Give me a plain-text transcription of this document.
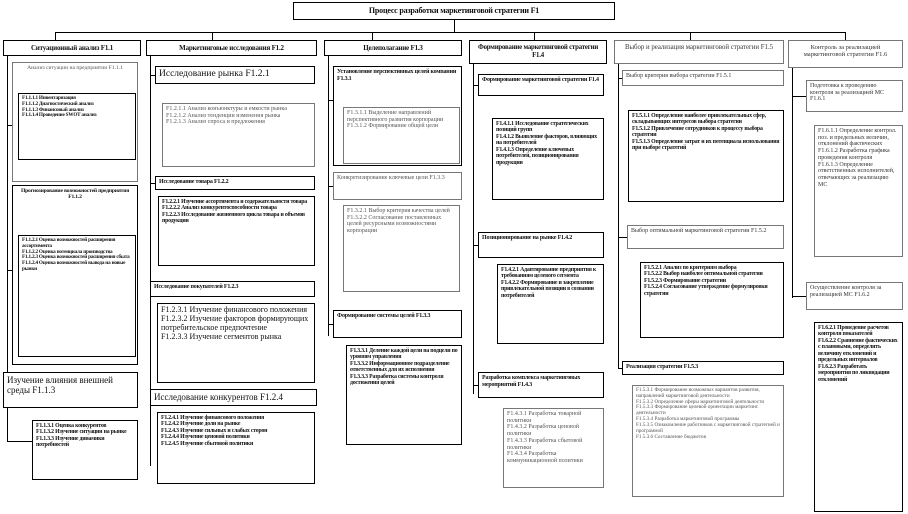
Процесс разработки маркетинговой стратегии F1
Ситуационный анализ F1.1
Анализ ситуации на предприятии F1.1.1
F1.1.1.1 Инвентаризация
F1.1.1.2 Диагностический анализ
F1.1.1.3 Финансовый анализ
F1.1.1.4 Проведение SWOT анализ
Прогнозирование возможностей предприятия F1.1.2
F1.1.2.1 Оценка возможностей расширения ассортимента
F1.1.2.2 Оценка потенциала производства
F1.1.2.3 Оценка возможностей расширения сбыта
F1.1.2.4 Оценка возможностей вывода на новые рынки
Изучение влияния внешней среды F1.1.3
F1.1.3.1 Оценка конкурентов
F1.1.3.2 Изучение ситуации на рынке
F1.1.3.3 Изучение динамики потребностей
Маркетинговые исследования F1.2
Исследование рынка F1.2.1
F1.2.1.1 Анализ конъюнктуры и емкости рынка
F1.2.1.2 Анализ тенденции изменения рынка
F1.2.1.3 Анализ спроса и предложения
Исследование товара F1.2.2
F1.2.2.1 Изучение ассортимента и содержательности товара
F1.2.2.2 Анализ конкурентоспособности товара
F1.2.2.3 Исследование жизненного цикла товара и объемов продукции
Исследование покупателей F1.2.3
F1.2.3.1 Изучение финансового положения
F1.2.3.2 Изучение факторов формирующих потребительское предпочтение
F1.2.3.3 Изучение сегментов рынка
Исследование конкурентов F1.2.4
F1.2.4.1 Изучение финансового положения
F1.2.4.2 Изучение доли на рынке
F1.2.4.3 Изучение сильных и слабых сторон
F1.2.4.4 Изучение ценовой политики
F1.2.4.5 Изучение сбытовой политики
Целеполагание F1.3
Установление перспективных целей компании F1.3.1
F1.3.1.1 Выделение направлений перспективного развития корпорации
F1.3.1.2 Формирование общей цели
Конкретизирование ключевые цели F1.3.3
F1.3.2.1 Выбор критерия качества целей
F1.3.2.2 Согласование поставленных целей ресурсными возможностями корпорации
Формирование системы целей F1.3.3
F1.3.3.1 Деление каждой цели на подцели по уровням управления
F1.3.3.2 Информационное подразделение ответственных для их исполнения
F1.3.3.3 Разработка системы контроля достижения целей
Формирование маркетинговой стратегии F1.4
Формирование маркетинговой стратегии F1.4
F1.4.1.1 Исследование стратегических позиций групп
F1.4.1.2 Выявление факторов, влияющих на потребителей
F1.4.1.3 Определение ключевых потребителей, позиционирования продукции
Позиционирование на рынке F1.4.2
F1.4.2.1 Адаптирование предприятия к требованиям целевого сегмента
F1.4.2.2 Формирование и закрепление привлекательной позиции в сознании потребителей
Разработка комплекса маркетинговых мероприятий F1.4.3
F1.4.3.1 Разработка товарной политики
F1.4.3.2 Разработка ценовой политики
F1.4.3.3 Разработка сбытовой политики
F1.4.3.4 Разработка коммуникационной политики
Выбор и реализация маркетинговой стратегии F1.5
Выбор критерия выбора стратегии F1.5.1
F1.5.1.1 Определение наиболее привлекательных сфер, складывающих интересов выбора стратегии
F1.5.1.2 Привлечение сотрудников к процессу выбора стратегии
F1.5.1.3 Определение затрат и их потенциала использования при выборе стратегий
Выбор оптимальной маркетинговой стратегии F1.5.2
F1.5.2.1 Анализ по критериям выбора
F1.5.2.2 Выбор наиболее оптимальной стратегии
F1.5.2.3 Формирование стратегии
F1.5.2.4 Согласование утверждение формулировки стратегии
Реализация стратегии F1.5.3
F1.5.3.1 Формирование возможных вариантов развития, направлений маркетинговой деятельности
F1.5.3.2 Определение сферы маркетинговой деятельности
F1.5.3.3 Формирование целевой ориентации маркетинг. деятельности
F1.5.3.4 Разработка маркетинговой программы
F1.5.3.5 Ознакомление работников с маркетинговой стратегией и программой
F1.5.3.6 Составление бюджетов
Контроль за реализацией маркетинговой стратегии F1.6
Подготовка к проведению контроля за реализацией МС F1.6.1
F1.6.1.1 Определение контрол. поз. и предельных величин, отклонений фактических
F1.6.1.2 Разработка графика проведения контроля
F1.6.1.3 Определение ответственных исполнителей, отвечающих за реализацию МС
Осуществление контроля за реализацией МС F1.6.2
F1.6.2.1 Проведение расчетов контроля показателей
F1.6.2.2 Сравнение фактических с плановыми, определить величину отклонений и предельных интервалов
F1.6.2.3 Разработать мероприятия по ликвидации отклонений
